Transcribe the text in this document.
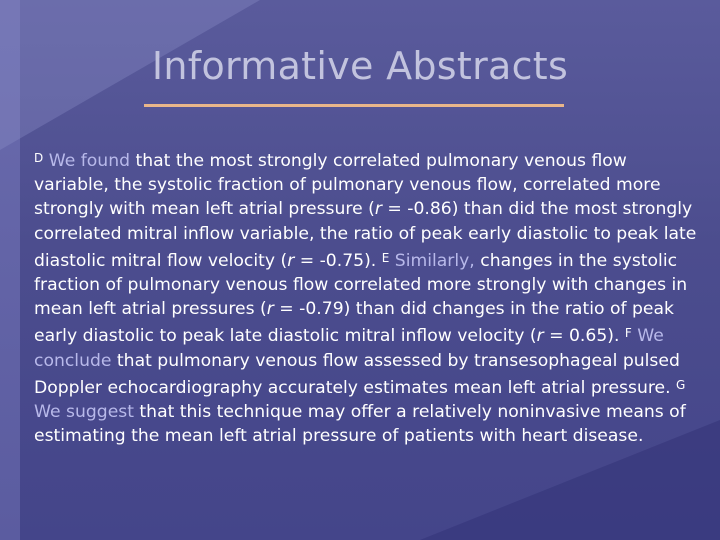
Informative Abstracts
$^D$ We found that the most strongly correlated pulmonary venous flow variable, the systolic fraction of pulmonary venous flow, correlated more strongly with mean left atrial pressure (r = -0.86) than did the most strongly correlated mitral inflow variable, the ratio of peak early diastolic to peak late diastolic mitral flow velocity (r = -0.75). $^E$ Similarly, changes in the systolic fraction of pulmonary venous flow correlated more strongly with changes in mean left atrial pressures (r = -0.79) than did changes in the ratio of peak early diastolic to peak late diastolic mitral inflow velocity (r = 0.65). $^F$ We conclude that pulmonary venous flow assessed by transesophageal pulsed Doppler echocardiography accurately estimates mean left atrial pressure. $^G$ We suggest that this technique may offer a relatively noninvasive means of estimating the mean left atrial pressure of patients with heart disease.
